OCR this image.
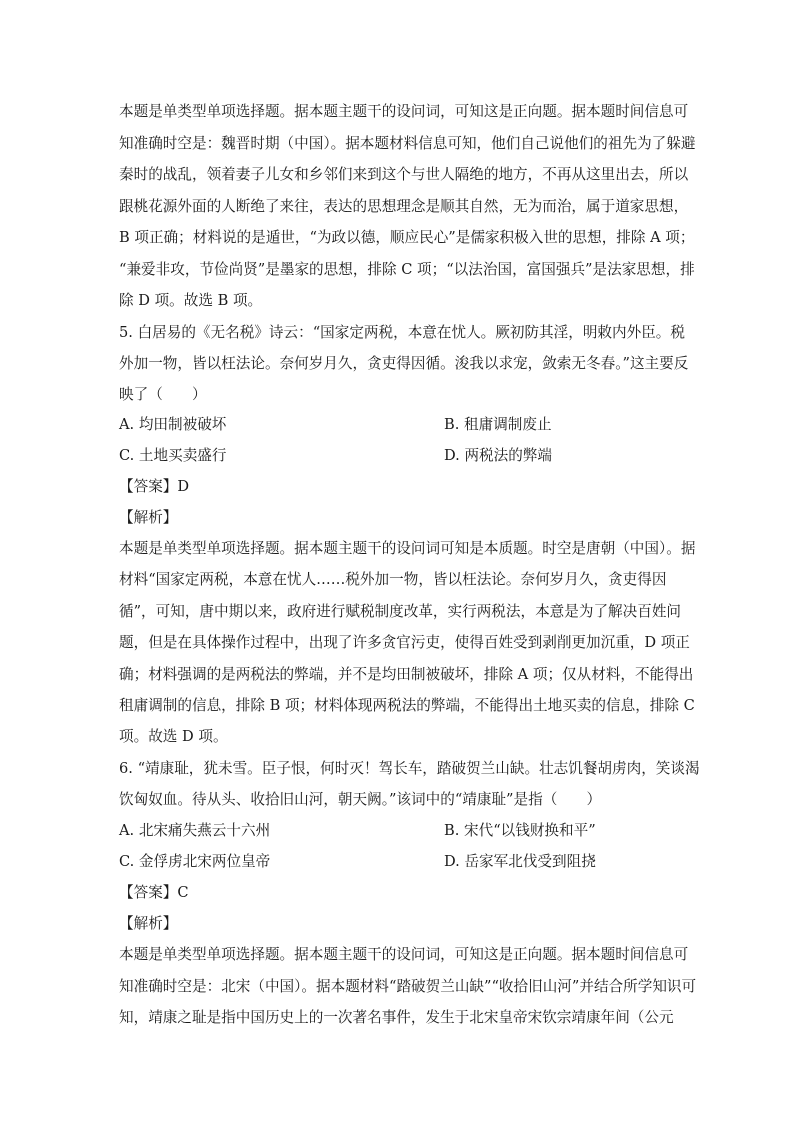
本题是单类型单项选择题。据本题主题干的设问词，可知这是正向题。据本题时间信息可
知准确时空是：魏晋时期（中国）。据本题材料信息可知，他们自己说他们的祖先为了躲避
秦时的战乱，领着妻子儿女和乡邻们来到这个与世人隔绝的地方，不再从这里出去，所以
跟桃花源外面的人断绝了来往，表达的思想理念是顺其自然，无为而治，属于道家思想，
B 项正确；材料说的是遁世，“为政以德，顺应民心”是儒家积极入世的思想，排除 A 项；
“兼爱非攻，节俭尚贤”是墨家的思想，排除 C 项；“以法治国，富国强兵”是法家思想，排
除 D 项。故选 B 项。
5. 白居易的《无名税》诗云：“国家定两税，本意在忧人。厥初防其淫，明敕内外臣。税
外加一物，皆以枉法论。奈何岁月久，贪吏得因循。浚我以求宠，敛索无冬春。”这主要反
映了（　　）
A. 均田制被破坏	B. 租庸调制废止
C. 土地买卖盛行	D. 两税法的弊端
【答案】D
【解析】
本题是单类型单项选择题。据本题主题干的设问词可知是本质题。时空是唐朝（中国）。据
材料“国家定两税，本意在忧人……税外加一物，皆以枉法论。奈何岁月久，贪吏得因
循”，可知，唐中期以来，政府进行赋税制度改革，实行两税法，本意是为了解决百姓问
题，但是在具体操作过程中，出现了许多贪官污吏，使得百姓受到剥削更加沉重，D 项正
确；材料强调的是两税法的弊端，并不是均田制被破坏，排除 A 项；仅从材料，不能得出
租庸调制的信息，排除 B 项；材料体现两税法的弊端，不能得出土地买卖的信息，排除 C
项。故选 D 项。
6. “靖康耻，犹未雪。臣子恨，何时灭！驾长车，踏破贺兰山缺。壮志饥餐胡虏肉，笑谈渴
饮匈奴血。待从头、收拾旧山河，朝天阙。”该词中的“靖康耻”是指（　　）
A. 北宋痛失燕云十六州	B. 宋代“以钱财换和平”
C. 金俘虏北宋两位皇帝	D. 岳家军北伐受到阻挠
【答案】C
【解析】
本题是单类型单项选择题。据本题主题干的设问词，可知这是正向题。据本题时间信息可
知准确时空是：北宋（中国）。据本题材料“踏破贺兰山缺”“收拾旧山河”并结合所学知识可
知，靖康之耻是指中国历史上的一次著名事件，发生于北宋皇帝宋钦宗靖康年间（公元
